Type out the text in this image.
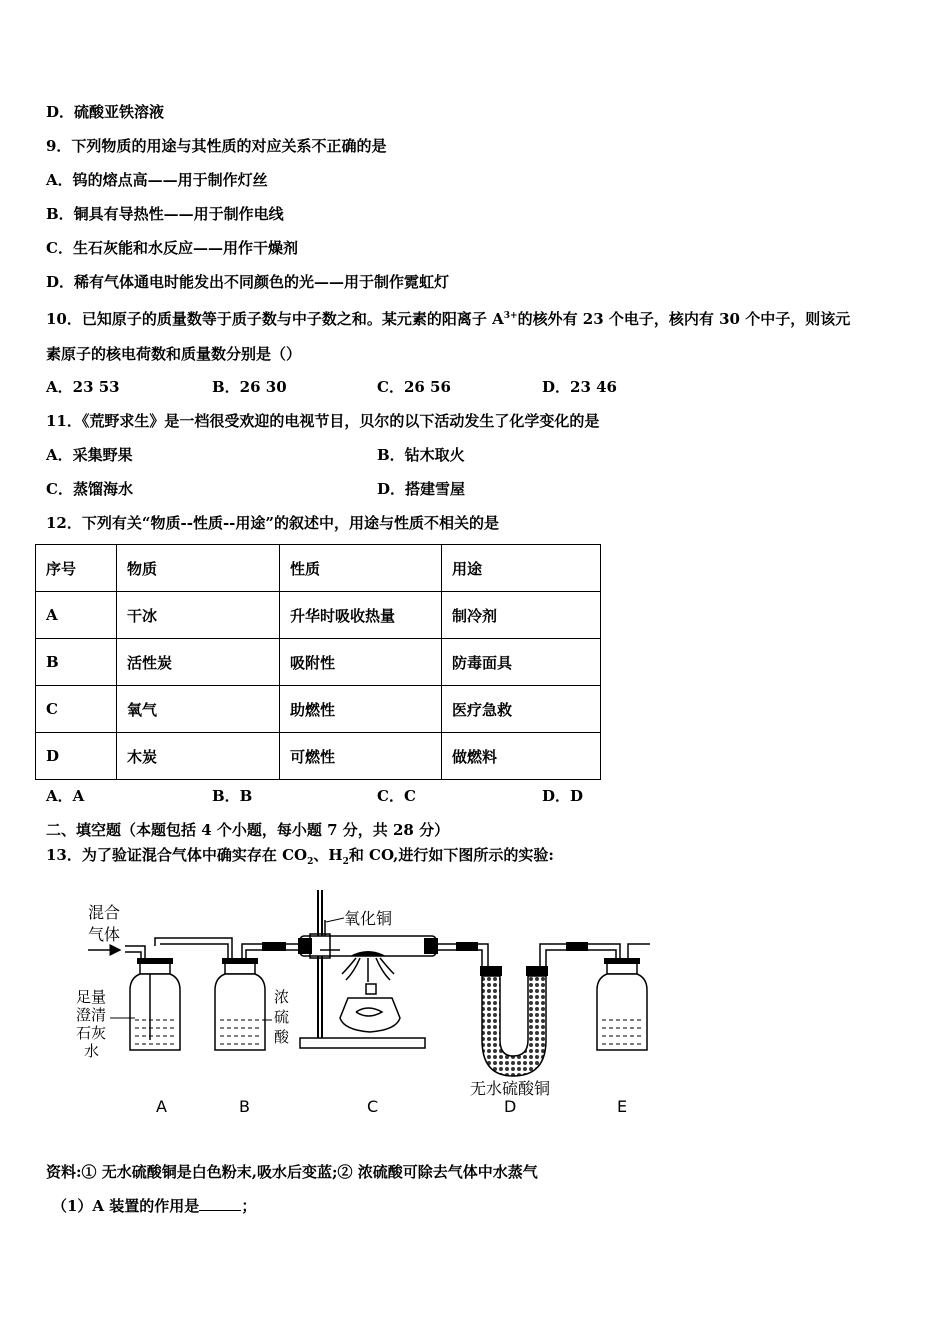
D．硫酸亚铁溶液
9．下列物质的用途与其性质的对应关系不正确的是
A．钨的熔点高——用于制作灯丝
B．铜具有导热性——用于制作电线
C．生石灰能和水反应——用作干燥剂
D．稀有气体通电时能发出不同颜色的光——用于制作霓虹灯
10．已知原子的质量数等于质子数与中子数之和。某元素的阳离子 $A^{3+}$的核外有 23 个电子，核内有 30 个中子，则该元
素原子的核电荷数和质量数分别是（）
A．23 53	B．26 30	C．26 56	D．23 46
11．《荒野求生》是一档很受欢迎的电视节目，贝尔的以下活动发生了化学变化的是
A．采集野果	B．钻木取火
C．蒸馏海水	D．搭建雪屋
12．下列有关“物质--性质--用途”的叙述中，用途与性质不相关的是
序号	物质	性质	用途
A	干冰	升华时吸收热量	制冷剂
B	活性炭	吸附性	防毒面具
C	氧气	助燃性	医疗急救
D	木炭	可燃性	做燃料
A．A	B．B	C．C	D．D
二、填空题（本题包括 4 个小题，每小题 7 分，共 28 分）
13．为了验证混合气体中确实存在 $CO_2$、$H_2$和 CO,进行如下图所示的实验:
混合
气体
足量
澄清
石灰
水
浓
硫
酸
氧化铜
无水硫酸铜
A	B	C	D	E
资料:① 无水硫酸铜是白色粉末,吸水后变蓝;② 浓硫酸可除去气体中水蒸气
（1）A 装置的作用是	；
